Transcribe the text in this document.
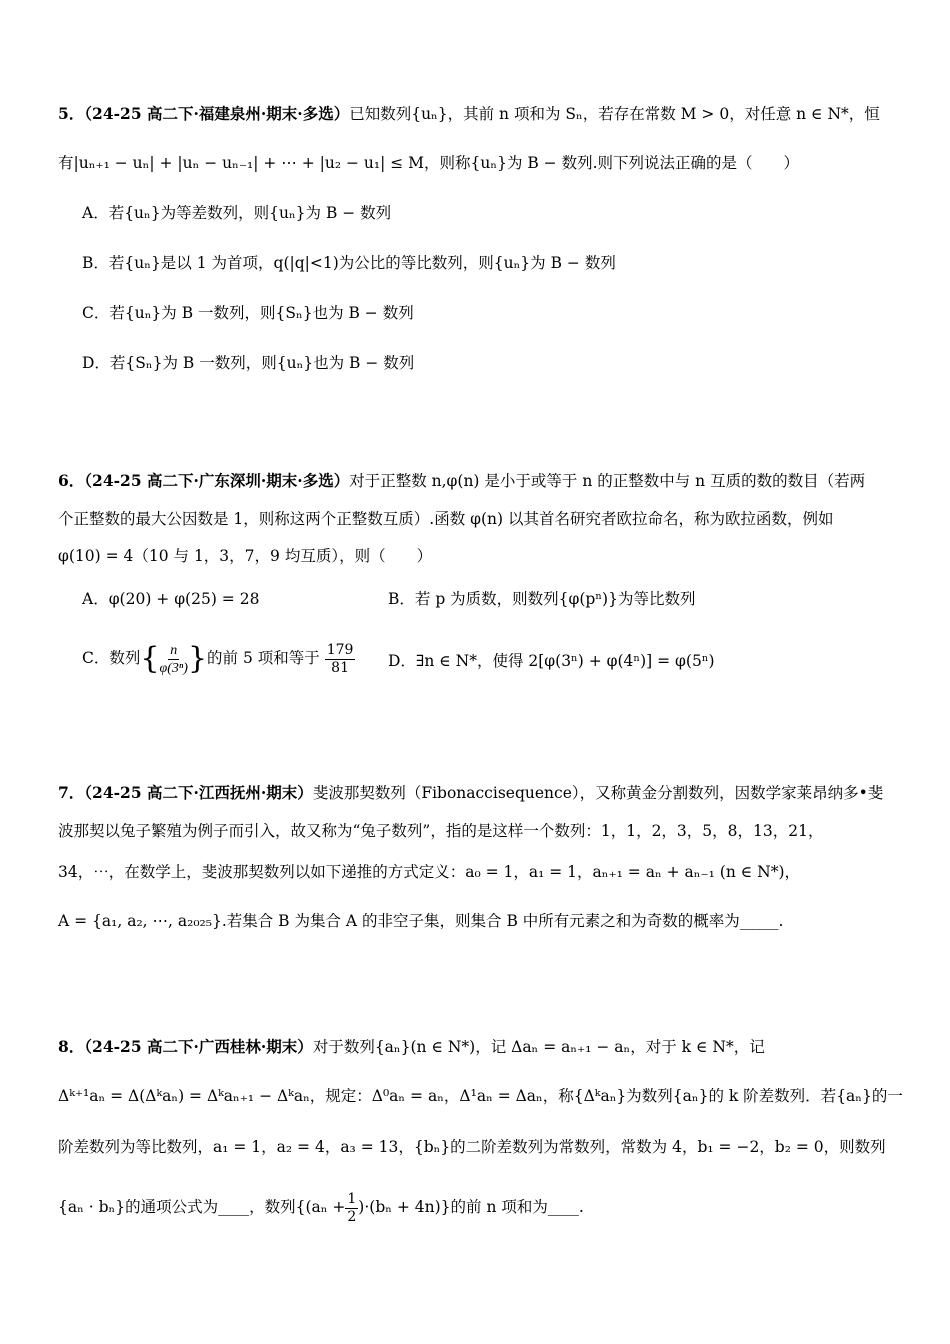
5．（24-25 高二下·福建泉州·期末·多选）已知数列{uₙ}，其前 n 项和为 Sₙ，若存在常数 M > 0，对任意 n ∈ N*，恒
有|uₙ₊₁ − uₙ| + |uₙ − uₙ₋₁| + ⋯ + |u₂ − u₁| ≤ M，则称{uₙ}为 B − 数列.则下列说法正确的是（　　）
A．若{uₙ}为等差数列，则{uₙ}为 B − 数列
B．若{uₙ}是以 1 为首项，q(|q|<1)为公比的等比数列，则{uₙ}为 B − 数列
C．若{uₙ}为 B 一数列，则{Sₙ}也为 B − 数列
D．若{Sₙ}为 B 一数列，则{uₙ}也为 B − 数列
6．（24-25 高二下·广东深圳·期末·多选）对于正整数 n,φ(n) 是小于或等于 n 的正整数中与 n 互质的数的数目（若两
个正整数的最大公因数是 1，则称这两个正整数互质）.函数 φ(n) 以其首名研究者欧拉命名，称为欧拉函数，例如
φ(10) = 4（10 与 1，3，7，9 均互质），则（　　）
A．φ(20) + φ(25) = 28	B．若 p 为质数，则数列{φ(pⁿ)}为等比数列
C．数列{ $\frac{n}{\text{φ(3ⁿ)}}$ }的前 5 项和等于 $\frac{179}{81}$ D．∃n ∈ N*，使得 2[φ(3ⁿ) + φ(4ⁿ)] = φ(5ⁿ)
7．（24-25 高二下·江西抚州·期末）斐波那契数列（Fibonaccisequence），又称黄金分割数列，因数学家莱昂纳多•斐
波那契以兔子繁殖为例子而引入，故又称为“兔子数列”，指的是这样一个数列：1，1，2，3，5，8，13，21，
34，⋯，在数学上，斐波那契数列以如下递推的方式定义：a₀ = 1，a₁ = 1，aₙ₊₁ = aₙ + aₙ₋₁ (n ∈ N*)，
A = {a₁, a₂, ⋯, a₂₀₂₅}.若集合 B 为集合 A 的非空子集，则集合 B 中所有元素之和为奇数的概率为_____.
8．（24-25 高二下·广西桂林·期末）对于数列{aₙ}(n ∈ N*)，记 Δaₙ = aₙ₊₁ − aₙ，对于 k ∈ N*，记
Δᵏ⁺¹aₙ = Δ(Δᵏaₙ) = Δᵏaₙ₊₁ − Δᵏaₙ，规定：Δ⁰aₙ = aₙ，Δ¹aₙ = Δaₙ，称{Δᵏaₙ}为数列{aₙ}的 k 阶差数列．若{aₙ}的一
阶差数列为等比数列，a₁ = 1，a₂ = 4，a₃ = 13，{bₙ}的二阶差数列为常数列，常数为 4，b₁ = −2，b₂ = 0，则数列
{aₙ · bₙ}的通项公式为____，数列$\{(a_n + \frac{1}{2} )\cdot(b_n + 4n)\}$的前 n 项和为____.
